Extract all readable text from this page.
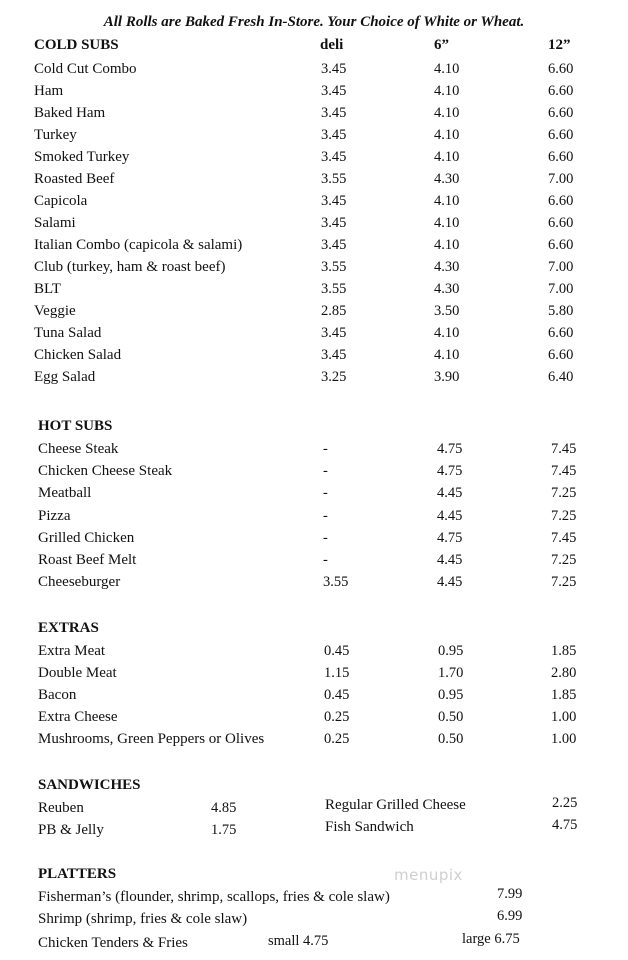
All Rolls are Baked Fresh In-Store. Your Choice of White or Wheat.
COLD SUBS	deli	6”	12”
Cold Cut Combo	3.45	4.10	6.60
Ham	3.45	4.10	6.60
Baked Ham	3.45	4.10	6.60
Turkey	3.45	4.10	6.60
Smoked Turkey	3.45	4.10	6.60
Roasted Beef	3.55	4.30	7.00
Capicola	3.45	4.10	6.60
Salami	3.45	4.10	6.60
Italian Combo (capicola & salami)	3.45	4.10	6.60
Club (turkey, ham & roast beef)	3.55	4.30	7.00
BLT	3.55	4.30	7.00
Veggie	2.85	3.50	5.80
Tuna Salad	3.45	4.10	6.60
Chicken Salad	3.45	4.10	6.60
Egg Salad	3.25	3.90	6.40
HOT SUBS
Cheese Steak	-	4.75	7.45
Chicken Cheese Steak	-	4.75	7.45
Meatball	-	4.45	7.25
Pizza	-	4.45	7.25
Grilled Chicken	-	4.75	7.45
Roast Beef Melt	-	4.45	7.25
Cheeseburger	3.55	4.45	7.25
EXTRAS
Extra Meat	0.45	0.95	1.85
Double Meat	1.15	1.70	2.80
Bacon	0.45	0.95	1.85
Extra Cheese	0.25	0.50	1.00
Mushrooms, Green Peppers or Olives	0.25	0.50	1.00
SANDWICHES
Reuben	4.85
PB & Jelly	1.75
Regular Grilled Cheese	2.25
Fish Sandwich	4.75
menupix
PLATTERS
Fisherman’s (flounder, shrimp, scallops, fries & cole slaw)	7.99
Shrimp (shrimp, fries & cole slaw)	6.99
Chicken Tenders & Fries	small 4.75	large 6.75
